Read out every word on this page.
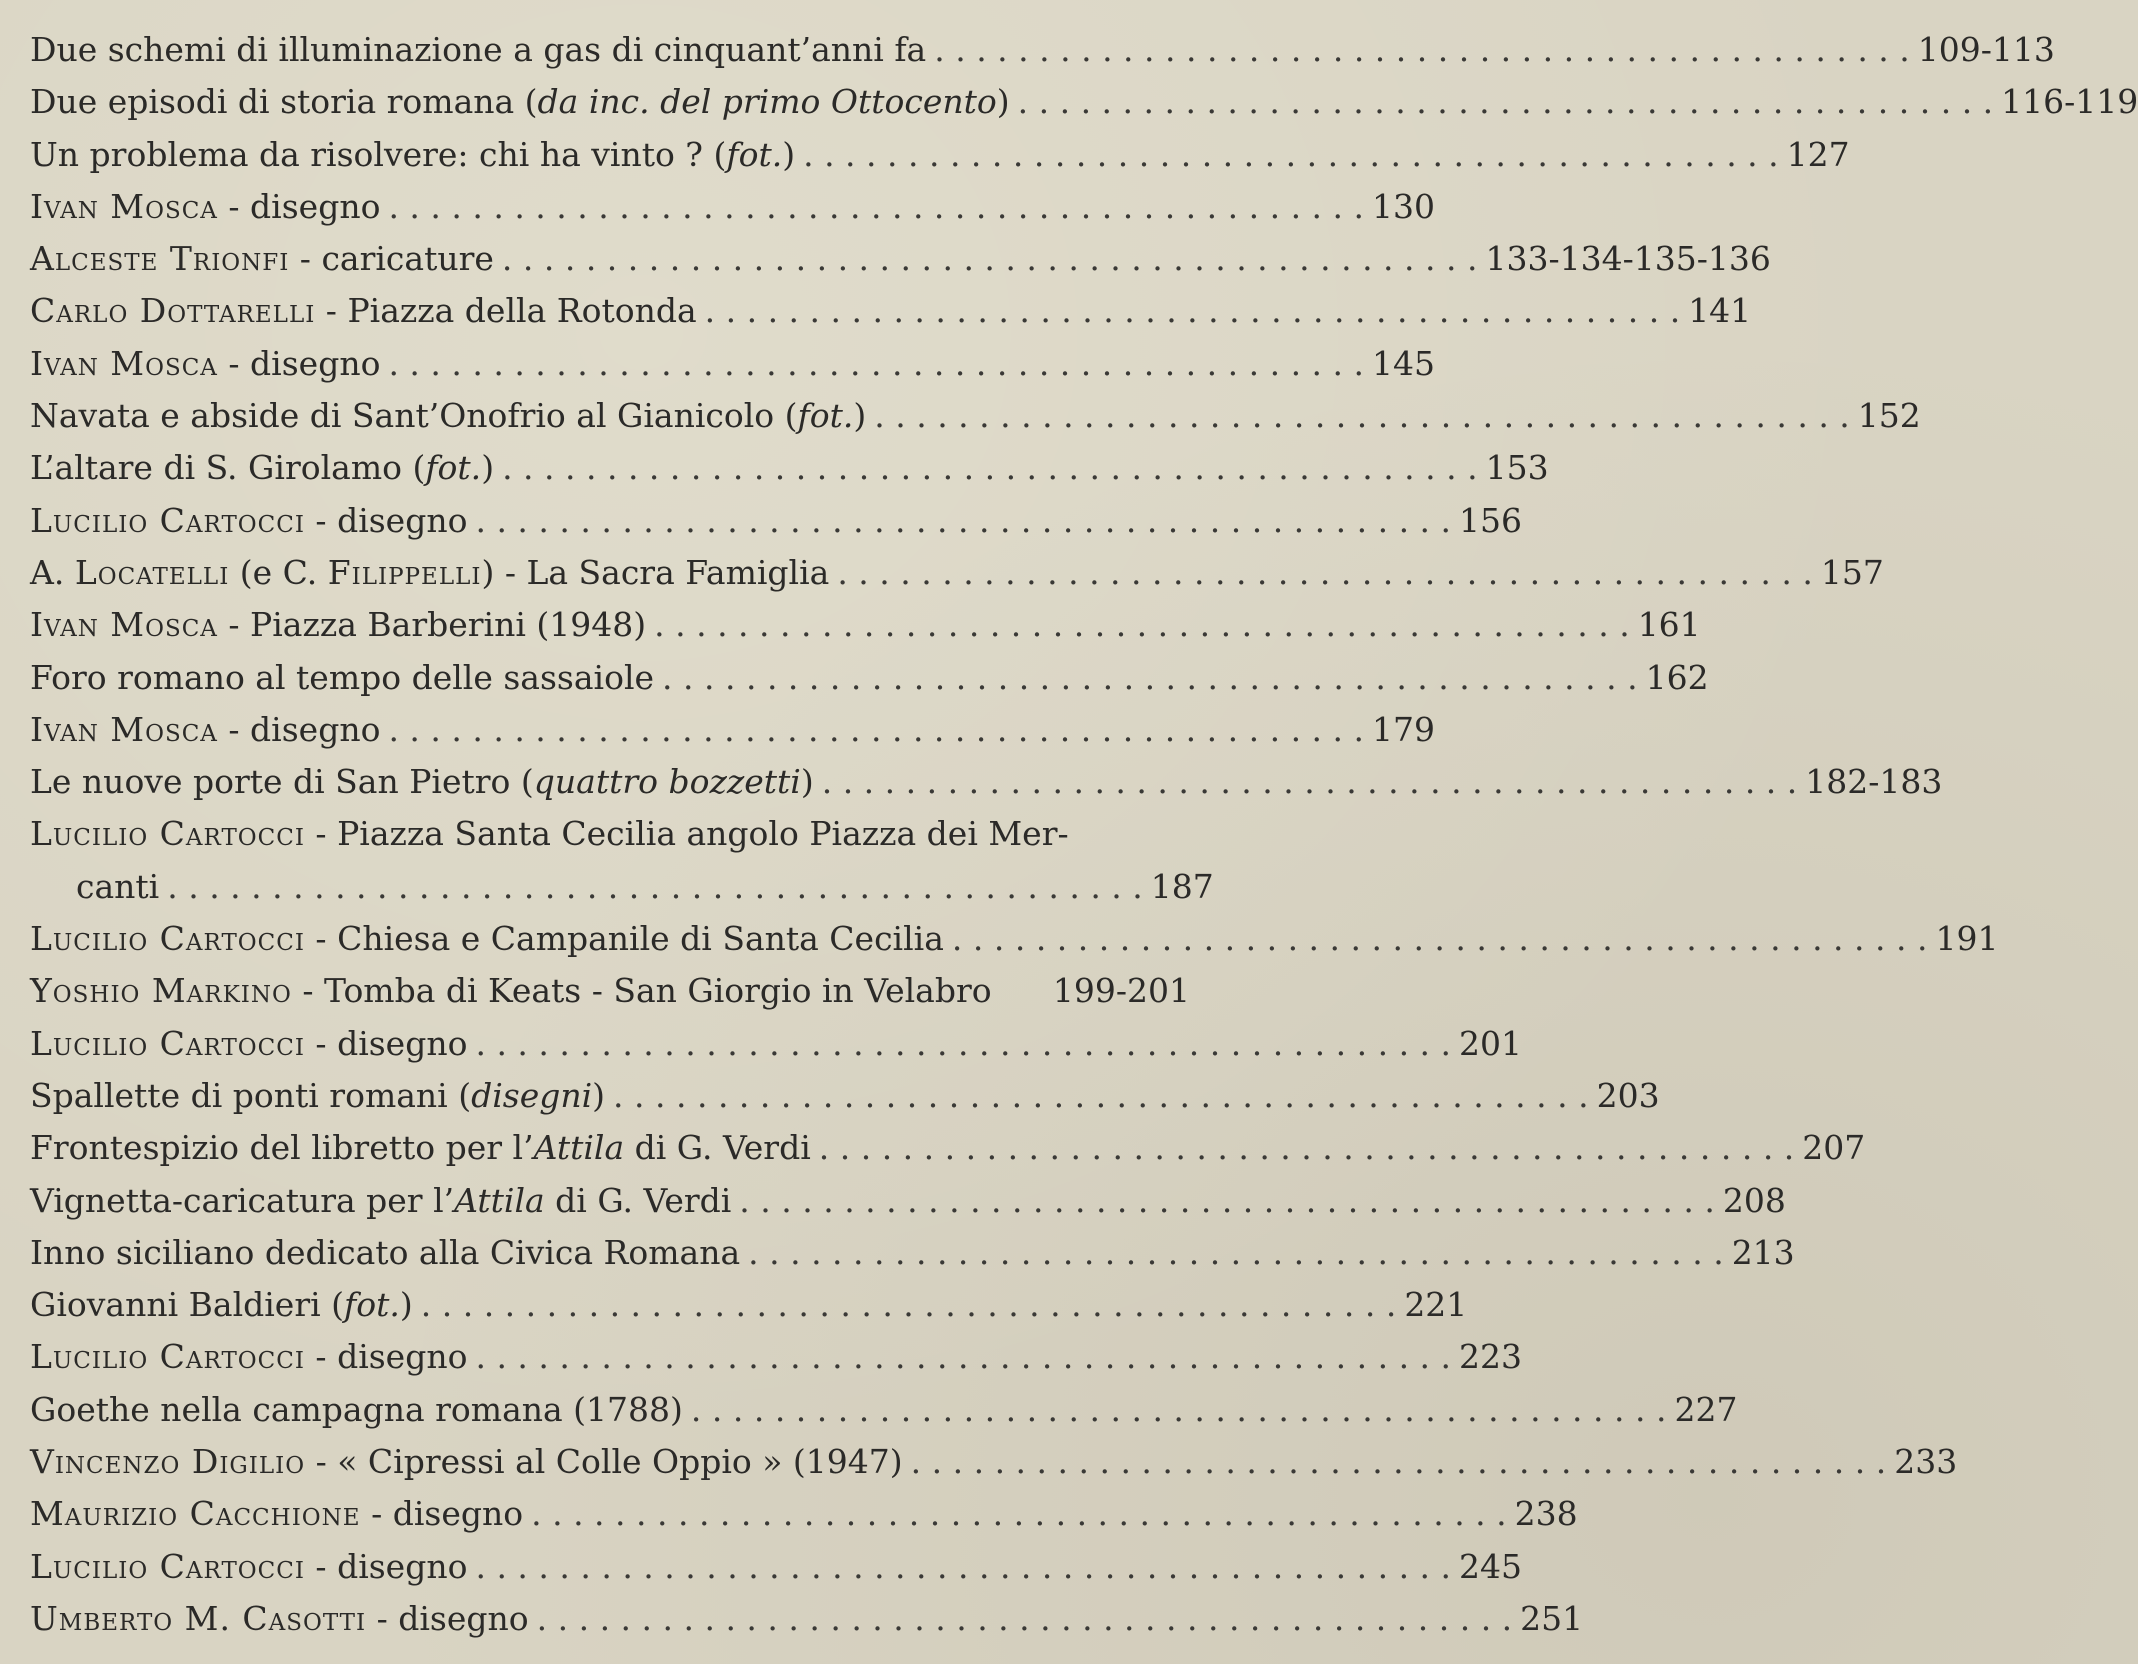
Due schemi di illuminazione a gas di cinquant’anni fa . . . . . . . . . . . . . . . . . . . . . . . . . . . . . . . . . . . . . . . . . . . . . . . 109-113
Due episodi di storia romana (da inc. del primo Ottocento) . . . . . . . . . . . . . . . . . . . . . . . . . . . . . . . . . . . . . . . . . . . . . . . 116-119
Un problema da risolvere: chi ha vinto ? (fot.) . . . . . . . . . . . . . . . . . . . . . . . . . . . . . . . . . . . . . . . . . . . . . . . 127
Ivan Mosca - disegno . . . . . . . . . . . . . . . . . . . . . . . . . . . . . . . . . . . . . . . . . . . . . . . 130
Alceste Trionfi - caricature . . . . . . . . . . . . . . . . . . . . . . . . . . . . . . . . . . . . . . . . . . . . . . . 133-134-135-136
Carlo Dottarelli - Piazza della Rotonda . . . . . . . . . . . . . . . . . . . . . . . . . . . . . . . . . . . . . . . . . . . . . . . 141
Ivan Mosca - disegno . . . . . . . . . . . . . . . . . . . . . . . . . . . . . . . . . . . . . . . . . . . . . . . 145
Navata e abside di Sant’Onofrio al Gianicolo (fot.) . . . . . . . . . . . . . . . . . . . . . . . . . . . . . . . . . . . . . . . . . . . . . . . 152
L’altare di S. Girolamo (fot.) . . . . . . . . . . . . . . . . . . . . . . . . . . . . . . . . . . . . . . . . . . . . . . . 153
Lucilio Cartocci - disegno . . . . . . . . . . . . . . . . . . . . . . . . . . . . . . . . . . . . . . . . . . . . . . . 156
A. Locatelli (e C. Filippelli) - La Sacra Famiglia . . . . . . . . . . . . . . . . . . . . . . . . . . . . . . . . . . . . . . . . . . . . . . . 157
Ivan Mosca - Piazza Barberini (1948) . . . . . . . . . . . . . . . . . . . . . . . . . . . . . . . . . . . . . . . . . . . . . . . 161
Foro romano al tempo delle sassaiole . . . . . . . . . . . . . . . . . . . . . . . . . . . . . . . . . . . . . . . . . . . . . . . 162
Ivan Mosca - disegno . . . . . . . . . . . . . . . . . . . . . . . . . . . . . . . . . . . . . . . . . . . . . . . 179
Le nuove porte di San Pietro (quattro bozzetti) . . . . . . . . . . . . . . . . . . . . . . . . . . . . . . . . . . . . . . . . . . . . . . . 182-183
Lucilio Cartocci - Piazza Santa Cecilia angolo Piazza dei Mer-
canti . . . . . . . . . . . . . . . . . . . . . . . . . . . . . . . . . . . . . . . . . . . . . . . 187
Lucilio Cartocci - Chiesa e Campanile di Santa Cecilia . . . . . . . . . . . . . . . . . . . . . . . . . . . . . . . . . . . . . . . . . . . . . . . 191
Yoshio Markino - Tomba di Keats - San Giorgio in Velabro 199-201
Lucilio Cartocci - disegno . . . . . . . . . . . . . . . . . . . . . . . . . . . . . . . . . . . . . . . . . . . . . . . 201
Spallette di ponti romani (disegni) . . . . . . . . . . . . . . . . . . . . . . . . . . . . . . . . . . . . . . . . . . . . . . . 203
Frontespizio del libretto per l’Attila di G. Verdi . . . . . . . . . . . . . . . . . . . . . . . . . . . . . . . . . . . . . . . . . . . . . . . 207
Vignetta-caricatura per l’Attila di G. Verdi . . . . . . . . . . . . . . . . . . . . . . . . . . . . . . . . . . . . . . . . . . . . . . . 208
Inno siciliano dedicato alla Civica Romana . . . . . . . . . . . . . . . . . . . . . . . . . . . . . . . . . . . . . . . . . . . . . . . 213
Giovanni Baldieri (fot.) . . . . . . . . . . . . . . . . . . . . . . . . . . . . . . . . . . . . . . . . . . . . . . . 221
Lucilio Cartocci - disegno . . . . . . . . . . . . . . . . . . . . . . . . . . . . . . . . . . . . . . . . . . . . . . . 223
Goethe nella campagna romana (1788) . . . . . . . . . . . . . . . . . . . . . . . . . . . . . . . . . . . . . . . . . . . . . . . 227
Vincenzo Digilio - « Cipressi al Colle Oppio » (1947) . . . . . . . . . . . . . . . . . . . . . . . . . . . . . . . . . . . . . . . . . . . . . . . 233
Maurizio Cacchione - disegno . . . . . . . . . . . . . . . . . . . . . . . . . . . . . . . . . . . . . . . . . . . . . . . 238
Lucilio Cartocci - disegno . . . . . . . . . . . . . . . . . . . . . . . . . . . . . . . . . . . . . . . . . . . . . . . 245
Umberto M. Casotti - disegno . . . . . . . . . . . . . . . . . . . . . . . . . . . . . . . . . . . . . . . . . . . . . . . 251
